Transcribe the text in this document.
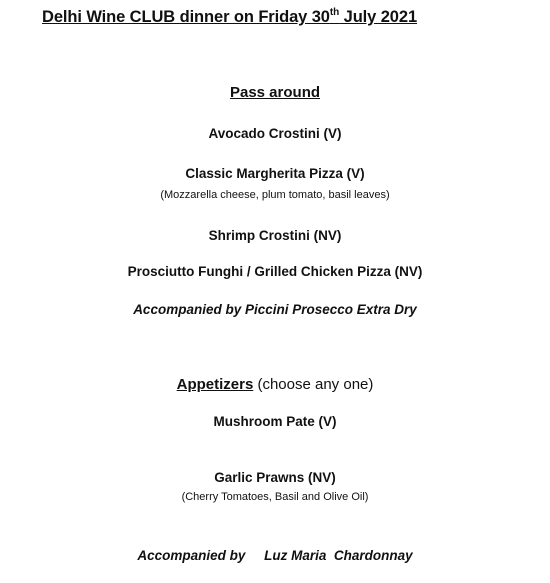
Delhi Wine CLUB dinner on Friday 30th July 2021
Pass around
Avocado Crostini (V)
Classic Margherita Pizza (V)
(Mozzarella cheese, plum tomato, basil leaves)
Shrimp Crostini (NV)
Prosciutto Funghi / Grilled Chicken Pizza (NV)
Accompanied by Piccini Prosecco Extra Dry
Appetizers (choose any one)
Mushroom Pate (V)
Garlic Prawns (NV)
(Cherry Tomatoes, Basil and Olive Oil)
Accompanied by     Luz Maria  Chardonnay
